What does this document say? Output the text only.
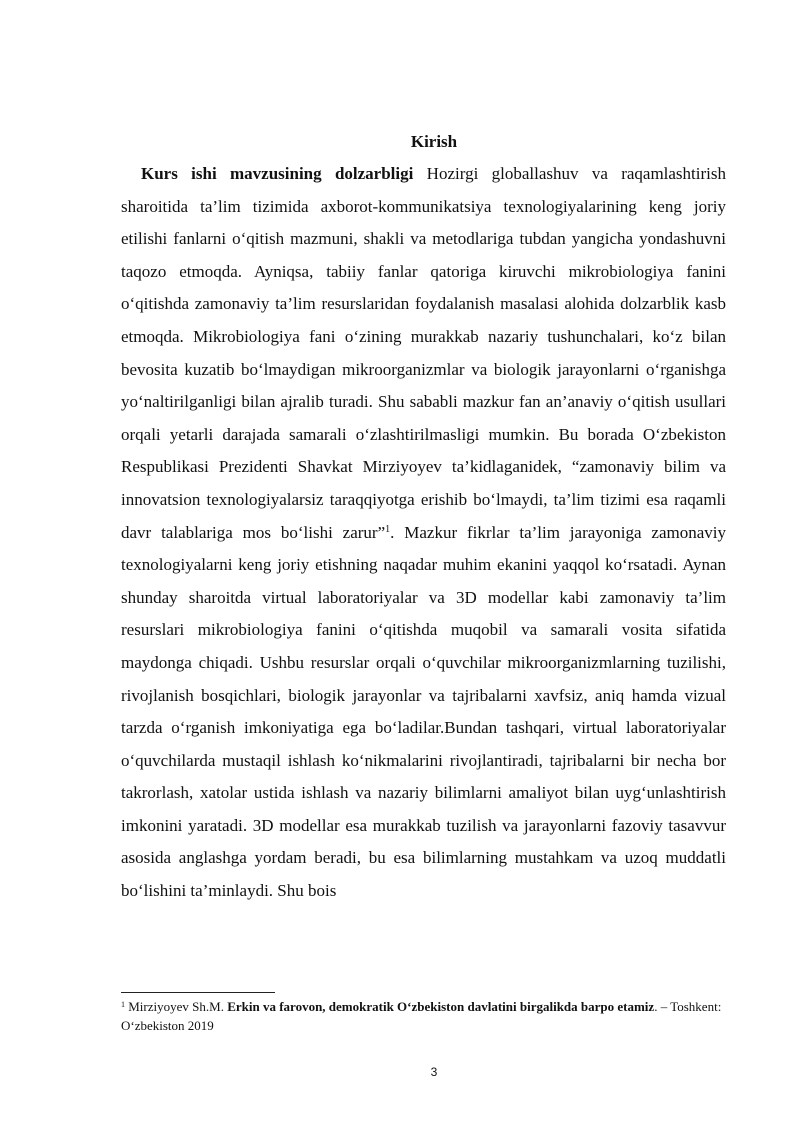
Kirish

Kurs ishi mavzusining dolzarbligi Hozirgi globallashuv va raqamlashtirish sharoitida ta’lim tizimida axborot-kommunikatsiya texnologiyalarining keng joriy etilishi fanlarni o‘qitish mazmuni, shakli va metodlariga tubdan yangicha yondashuvni taqozo etmoqda. Ayniqsa, tabiiy fanlar qatoriga kiruvchi mikrobiologiya fanini o‘qitishda zamonaviy ta’lim resurslaridan foydalanish masalasi alohida dolzarblik kasb etmoqda. Mikrobiologiya fani o‘zining murakkab nazariy tushunchalari, ko‘z bilan bevosita kuzatib bo‘lmaydigan mikroorganizmlar va biologik jarayonlarni o‘rganishga yo‘naltirilganligi bilan ajralib turadi. Shu sababli mazkur fan an’anaviy o‘qitish usullari orqali yetarli darajada samarali o‘zlashtirilmasligi mumkin. Bu borada O‘zbekiston Respublikasi Prezidenti Shavkat Mirziyoyev ta’kidlaganidek, “zamonaviy bilim va innovatsion texnologiyalarsiz taraqqiyotga erishib bo‘lmaydi, ta’lim tizimi esa raqamli davr talablariga mos bo‘lishi zarur”$^1$. Mazkur fikrlar ta’lim jarayoniga zamonaviy texnologiyalarni keng joriy etishning naqadar muhim ekanini yaqqol ko‘rsatadi. Aynan shunday sharoitda virtual laboratoriyalar va 3D modellar kabi zamonaviy ta’lim resurslari mikrobiologiya fanini o‘qitishda muqobil va samarali vosita sifatida maydonga chiqadi. Ushbu resurslar orqali o‘quvchilar mikroorganizmlarning tuzilishi, rivojlanish bosqichlari, biologik jarayonlar va tajribalarni xavfsiz, aniq hamda vizual tarzda o‘rganish imkoniyatiga ega bo‘ladilar.Bundan tashqari, virtual laboratoriyalar o‘quvchilarda mustaqil ishlash ko‘nikmalarini rivojlantiradi, tajribalarni bir necha bor takrorlash, xatolar ustida ishlash va nazariy bilimlarni amaliyot bilan uyg‘unlashtirish imkonini yaratadi. 3D modellar esa murakkab tuzilish va jarayonlarni fazoviy tasavvur asosida anglashga yordam beradi, bu esa bilimlarning mustahkam va uzoq muddatli bo‘lishini ta’minlaydi. Shu bois

$^1$ Mirziyoyev Sh.M. Erkin va farovon, demokratik O‘zbekiston davlatini birgalikda barpo etamiz. – Toshkent: O‘zbekiston 2019

3
